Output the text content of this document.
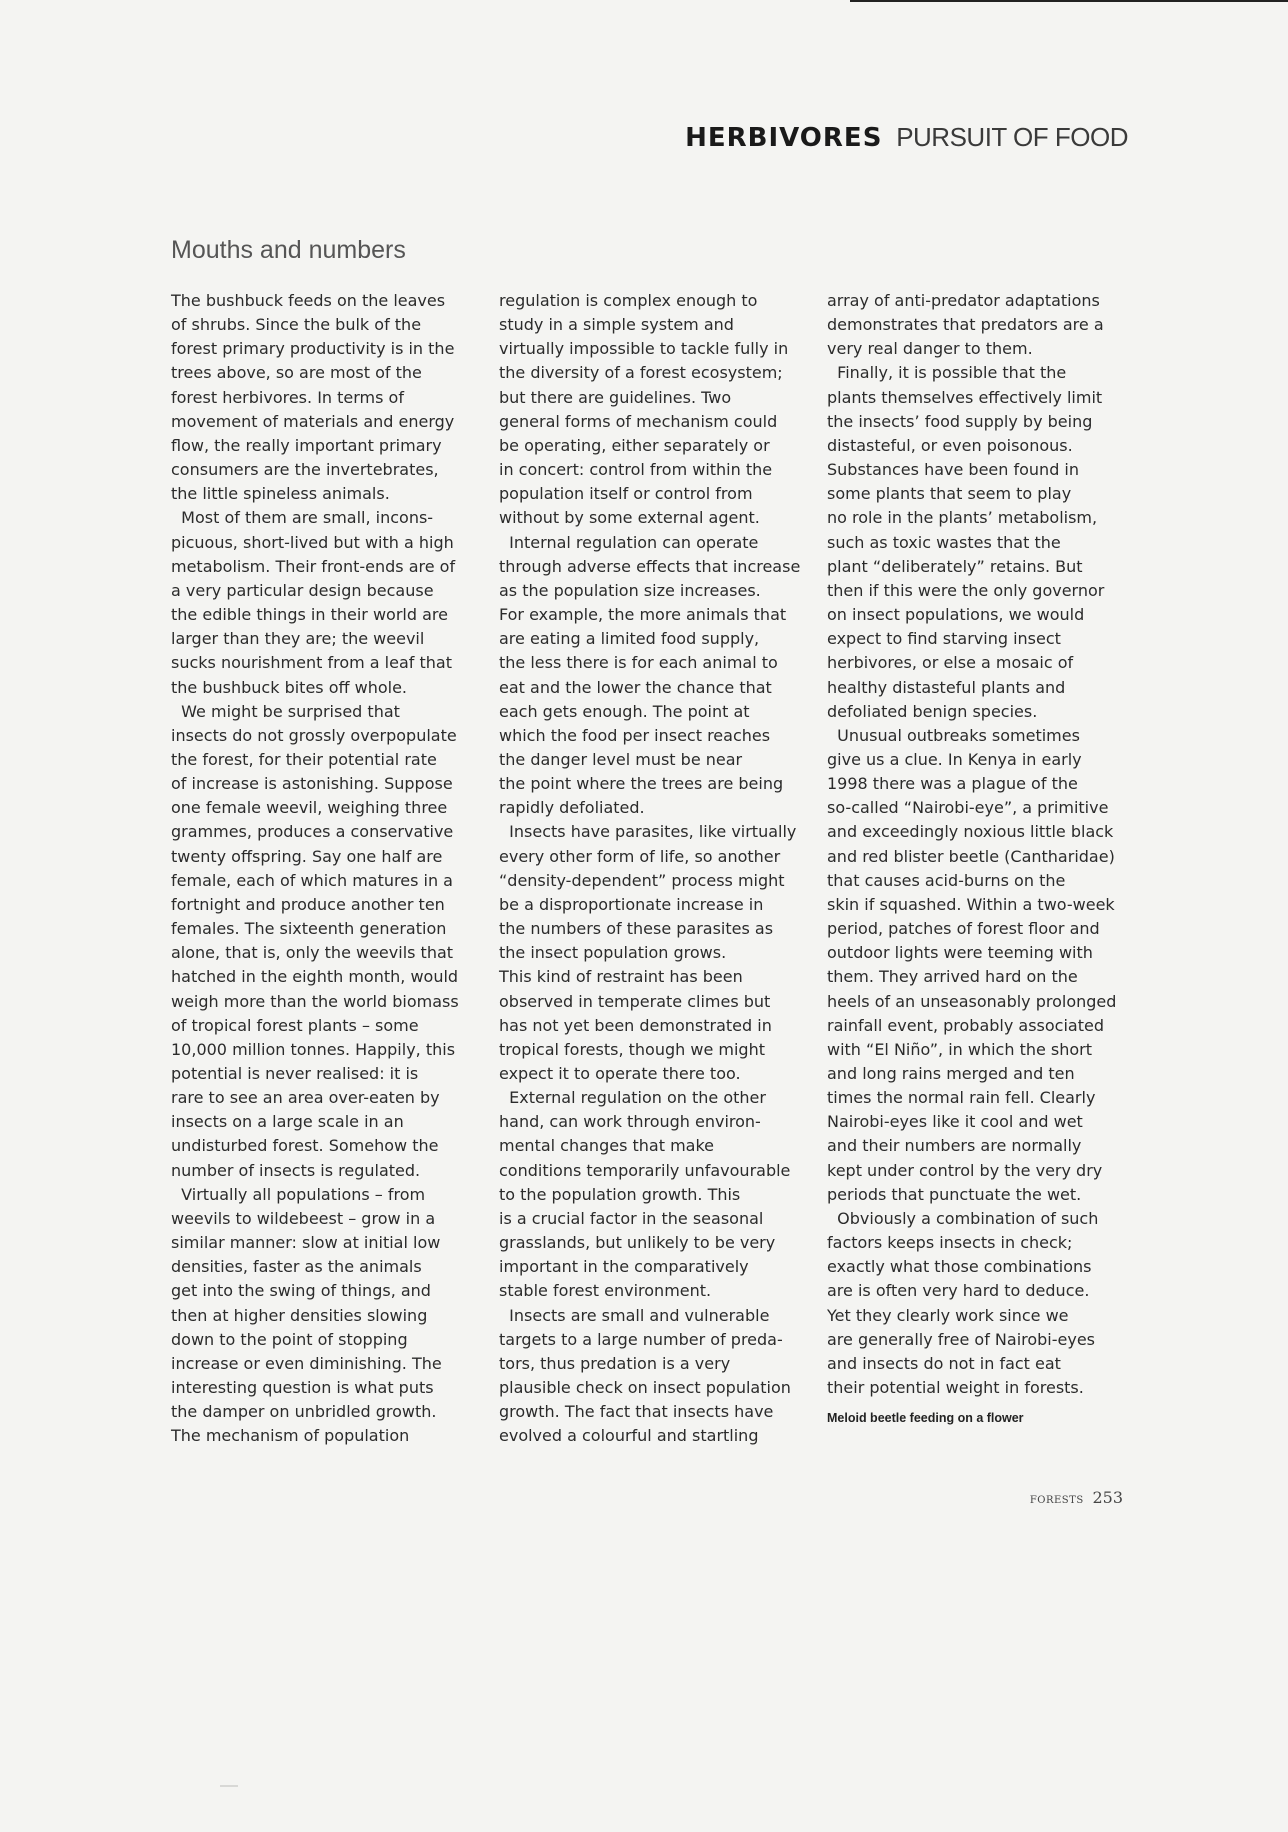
HERBIVORES PURSUIT OF FOOD
Mouths and numbers

The bushbuck feeds on the leaves
of shrubs. Since the bulk of the
forest primary productivity is in the
trees above, so are most of the
forest herbivores. In terms of
movement of materials and energy
flow, the really important primary
consumers are the invertebrates,
the little spineless animals.

Most of them are small, incons-
picuous, short-lived but with a high
metabolism. Their front-ends are of
a very particular design because
the edible things in their world are
larger than they are; the weevil
sucks nourishment from a leaf that
the bushbuck bites off whole.

We might be surprised that
insects do not grossly overpopulate
the forest, for their potential rate
of increase is astonishing. Suppose
one female weevil, weighing three
grammes, produces a conservative
twenty offspring. Say one half are
female, each of which matures in a
fortnight and produce another ten
females. The sixteenth generation
alone, that is, only the weevils that
hatched in the eighth month, would
weigh more than the world biomass
of tropical forest plants – some
10,000 million tonnes. Happily, this
potential is never realised: it is
rare to see an area over-eaten by
insects on a large scale in an
undisturbed forest. Somehow the
number of insects is regulated.

Virtually all populations – from
weevils to wildebeest – grow in a
similar manner: slow at initial low
densities, faster as the animals
get into the swing of things, and
then at higher densities slowing
down to the point of stopping
increase or even diminishing. The
interesting question is what puts
the damper on unbridled growth.
The mechanism of population

regulation is complex enough to
study in a simple system and
virtually impossible to tackle fully in
the diversity of a forest ecosystem;
but there are guidelines. Two
general forms of mechanism could
be operating, either separately or
in concert: control from within the
population itself or control from
without by some external agent.

Internal regulation can operate
through adverse effects that increase
as the population size increases.
For example, the more animals that
are eating a limited food supply,
the less there is for each animal to
eat and the lower the chance that
each gets enough. The point at
which the food per insect reaches
the danger level must be near
the point where the trees are being
rapidly defoliated.

Insects have parasites, like virtually
every other form of life, so another
“density-dependent” process might
be a disproportionate increase in
the numbers of these parasites as
the insect population grows.
This kind of restraint has been
observed in temperate climes but
has not yet been demonstrated in
tropical forests, though we might
expect it to operate there too.

External regulation on the other
hand, can work through environ-
mental changes that make
conditions temporarily unfavourable
to the population growth. This
is a crucial factor in the seasonal
grasslands, but unlikely to be very
important in the comparatively
stable forest environment.

Insects are small and vulnerable
targets to a large number of preda-
tors, thus predation is a very
plausible check on insect population
growth. The fact that insects have
evolved a colourful and startling

array of anti-predator adaptations
demonstrates that predators are a
very real danger to them.

Finally, it is possible that the
plants themselves effectively limit
the insects’ food supply by being
distasteful, or even poisonous.
Substances have been found in
some plants that seem to play
no role in the plants’ metabolism,
such as toxic wastes that the
plant “deliberately” retains. But
then if this were the only governor
on insect populations, we would
expect to find starving insect
herbivores, or else a mosaic of
healthy distasteful plants and
defoliated benign species.

Unusual outbreaks sometimes
give us a clue. In Kenya in early
1998 there was a plague of the
so-called “Nairobi-eye”, a primitive
and exceedingly noxious little black
and red blister beetle (Cantharidae)
that causes acid-burns on the
skin if squashed. Within a two-week
period, patches of forest floor and
outdoor lights were teeming with
them. They arrived hard on the
heels of an unseasonably prolonged
rainfall event, probably associated
with “El Niño”, in which the short
and long rains merged and ten
times the normal rain fell. Clearly
Nairobi-eyes like it cool and wet
and their numbers are normally
kept under control by the very dry
periods that punctuate the wet.

Obviously a combination of such
factors keeps insects in check;
exactly what those combinations
are is often very hard to deduce.
Yet they clearly work since we
are generally free of Nairobi-eyes
and insects do not in fact eat
their potential weight in forests.

Meloid beetle feeding on a flower

FORESTS 253
